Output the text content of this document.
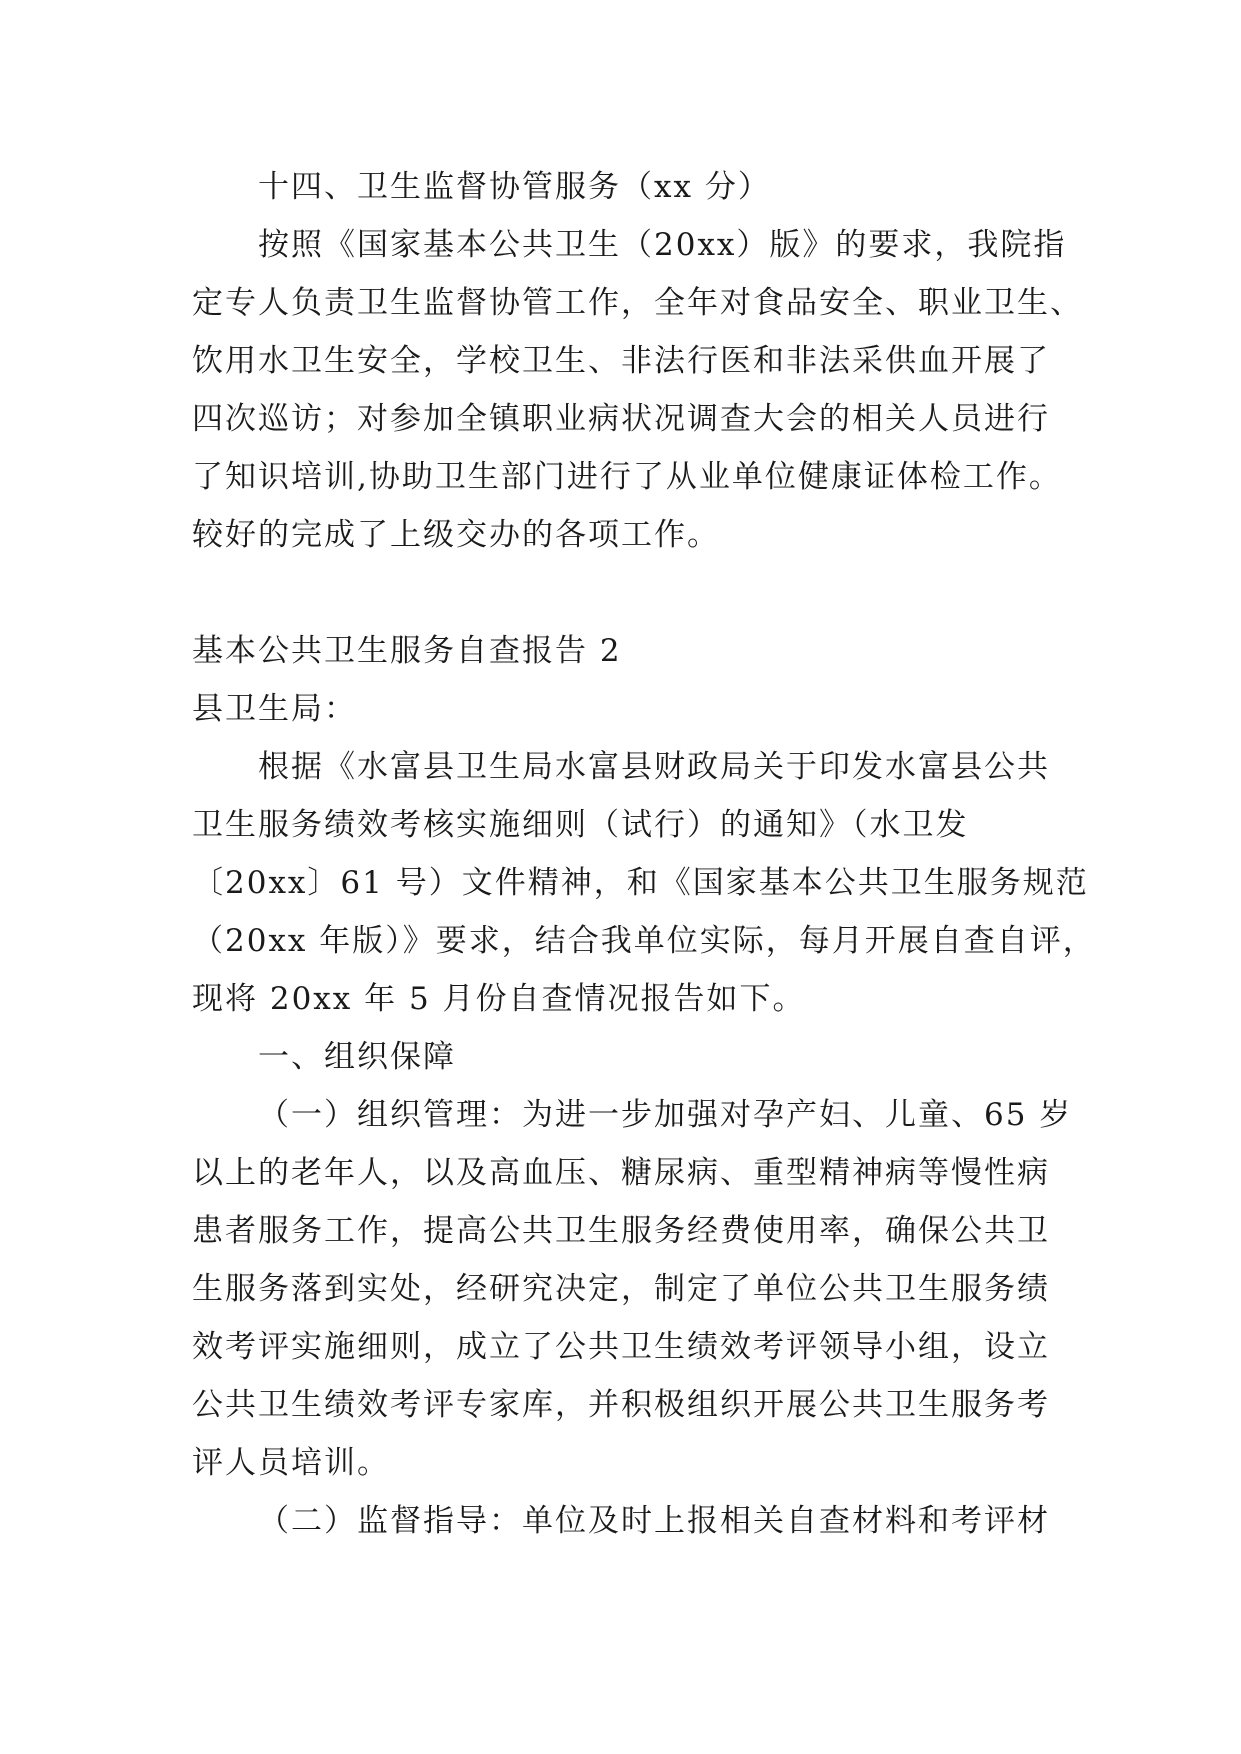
十四、卫生监督协管服务（xx 分）
按照《国家基本公共卫生（20xx）版》的要求，我院指
定专人负责卫生监督协管工作，全年对食品安全、职业卫生、
饮用水卫生安全，学校卫生、非法行医和非法采供血开展了
四次巡访；对参加全镇职业病状况调查大会的相关人员进行
了知识培训,协助卫生部门进行了从业单位健康证体检工作。
较好的完成了上级交办的各项工作。
基本公共卫生服务自查报告 2
县卫生局：
根据《水富县卫生局水富县财政局关于印发水富县公共
卫生服务绩效考核实施细则（试行）的通知》（水卫发
〔20xx〕61 号）文件精神，和《国家基本公共卫生服务规范
（20xx 年版）》要求，结合我单位实际，每月开展自查自评，
现将 20xx 年 5 月份自查情况报告如下。
一、组织保障
（一）组织管理：为进一步加强对孕产妇、儿童、65 岁
以上的老年人，以及高血压、糖尿病、重型精神病等慢性病
患者服务工作，提高公共卫生服务经费使用率，确保公共卫
生服务落到实处，经研究决定，制定了单位公共卫生服务绩
效考评实施细则，成立了公共卫生绩效考评领导小组，设立
公共卫生绩效考评专家库，并积极组织开展公共卫生服务考
评人员培训。
（二）监督指导：单位及时上报相关自查材料和考评材
